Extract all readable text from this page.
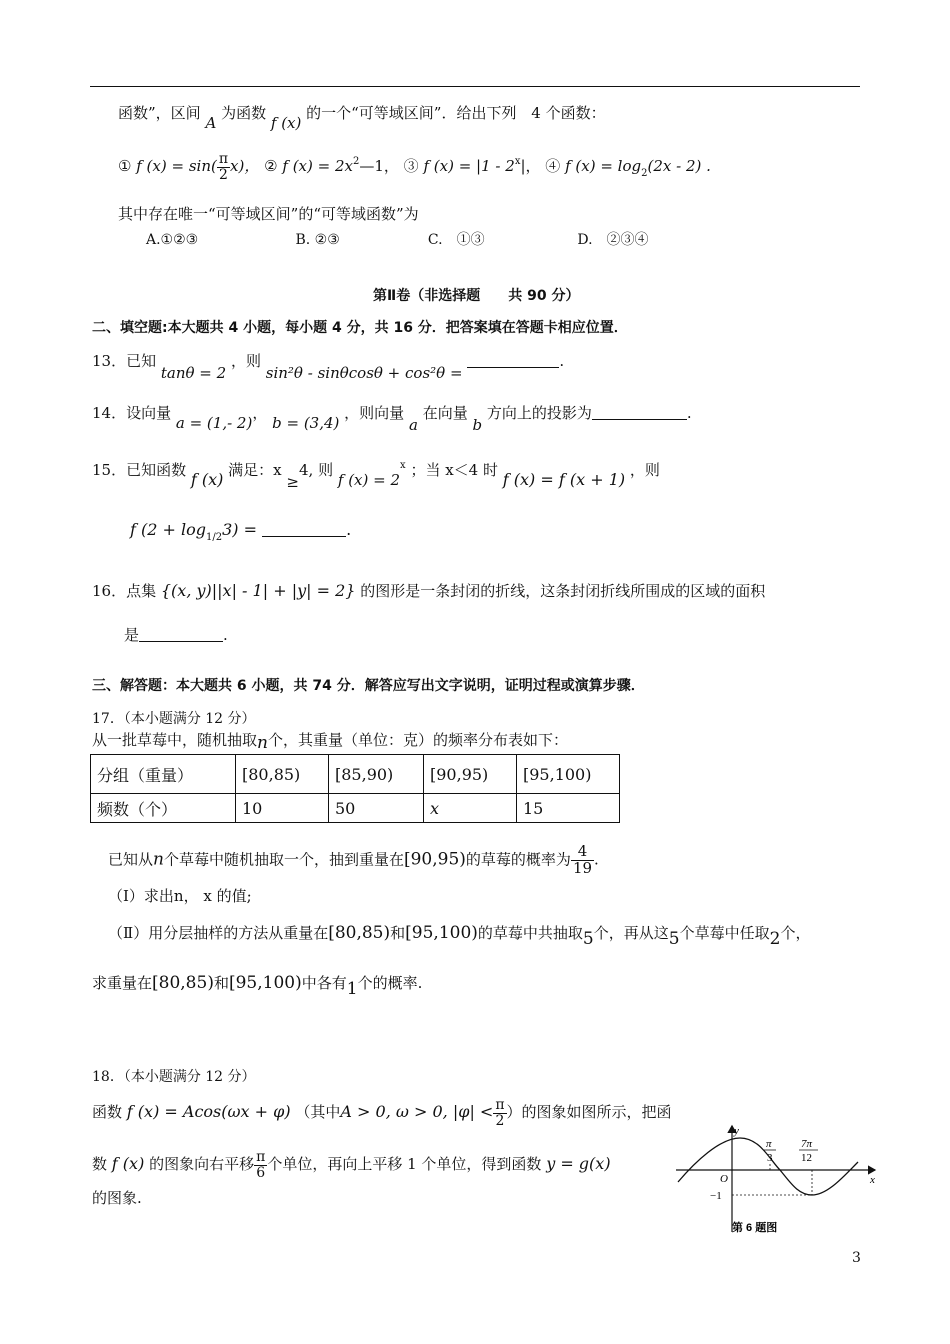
函数”，区间 A 为函数 f (x) 的一个“可等域区间”．给出下列 4 个函数：
① f $(x) = \sin( \frac{\pi}{2} x)$， ② f $(x) = 2x^2—1$， ③ f (x) = |1 - 2$^x$|， ④ f $(x) = \log_2(2x - 2)$ .
其中存在唯一“可等域区间”的“可等域函数”为
A.①②③	B. ②③	C.　①③	D.　②③④
第Ⅱ卷（非选择题　　共 90 分）
二、填空题:本大题共 4 小题，每小题 4 分，共 16 分．把答案填在答题卡相应位置．
13．已知 tanθ = 2 ，则 sin²θ - sinθcosθ + cos²θ = .
14．设向量 a = (1,- 2)， b = (3,4) ，则向量 a 在向量 b 方向上的投影为	.
15．已知函数 f (x) 满足：x ≥4, 则 f $(x) = 2^x$ ；当 x＜4 时 f (x) = f (x + 1) ，则
f $(2 + \log_{1/2}3)$ =	.
16．点集 {(x, y)||x| - 1| + |y| = 2} 的图形是一条封闭的折线，这条封闭折线所围成的区域的面积
是	.
三、解答题：本大题共 6 小题，共 74 分．解答应写出文字说明，证明过程或演算步骤．
17．（本小题满分 12 分）
从一批草莓中，随机抽取n个，其重量（单位：克）的频率分布表如下：
分组（重量）	[80,85)	[85,90)	[90,95)	[95,100)
频数（个）	10	50	x	15
已知从n个草莓中随机抽取一个，抽到重量在[90,95)的草莓的概率为 $\frac{4}{19}$ .
（Ⅰ）求出n， x 的值;
（Ⅱ）用分层抽样的方法从重量在[80,85)和[95,100)的草莓中共抽取5个，再从这5个草莓中任取2个，
求重量在[80,85)和[95,100)中各有1个的概率.
18．（本小题满分 12 分）
函数 f (x) = Acos(ωx + φ) （其中A > 0, ω > 0, $|\varphi| < \frac{\pi}{2}$ ）的图象如图所示，把函
数 f (x) 的图象向右平移 $\frac{\pi}{6}$ 个单位，再向上平移 1 个单位，得到函数 y = g(x)
的图象.
y
x
O
π
3
7π
12
−1
第 6 题图
3
